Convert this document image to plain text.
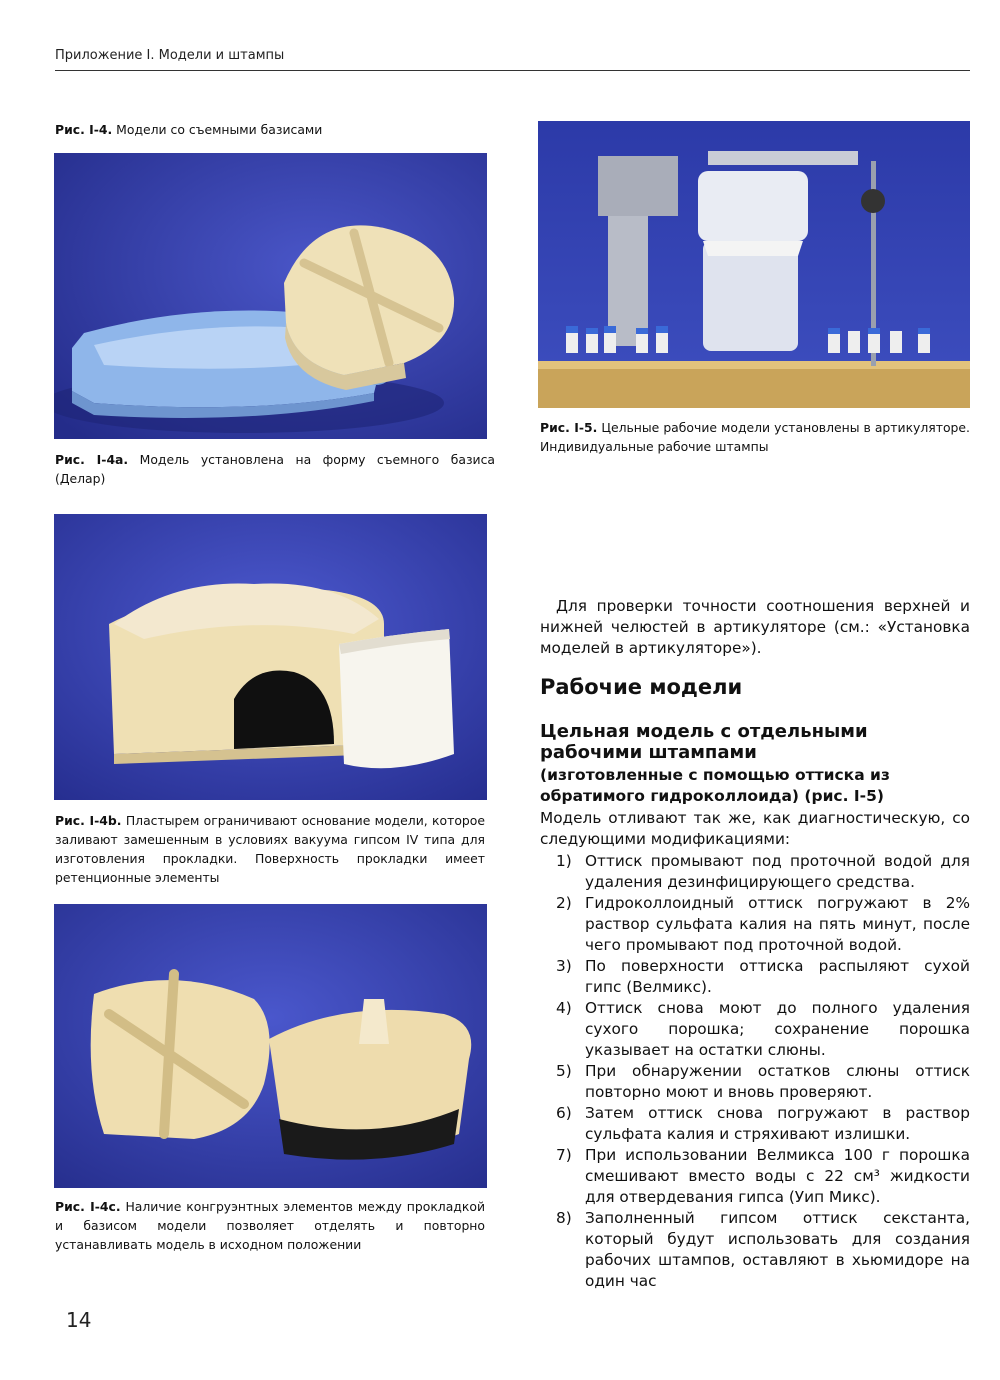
Приложение I. Модели и штампы
Рис. I-4. Модели со съемными базисами
Рис. I-4а. Модель установлена на форму съемного базиса (Делар)
Рис. I-5. Цельные рабочие модели установлены в артикуляторе. Индивидуальные рабочие штампы
Рис. I-4b. Пластырем ограничивают основание модели, которое заливают замешенным в условиях вакуума гипсом IV типа для изготовления прокладки. Поверхность прокладки имеет ретенционные элементы
Рис. I-4с. Наличие конгруэнтных элементов между прокладкой и базисом модели позволяет отделять и повторно устанавливать модель в исходном положении

Для проверки точности соотношения верхней и нижней челюстей в артикуляторе (см.: «Установка моделей в артикуляторе»).

Рабочие модели
Цельная модель с отдельными рабочими штампами
(изготовленные с помощью оттиска из обратимого гидроколлоида) (рис. I-5)

Модель отливают так же, как диагностическую, со следующими модификациями:

1) Оттиск промывают под проточной водой для удаления дезинфицирующего средства.
2) Гидроколлоидный оттиск погружают в 2% раствор сульфата калия на пять минут, после чего промывают под проточной водой.
3) По поверхности оттиска распыляют сухой гипс (Велмикс).
4) Оттиск снова моют до полного удаления сухого порошка; сохранение порошка указывает на остатки слюны.
5) При обнаружении остатков слюны оттиск повторно моют и вновь проверяют.
6) Затем оттиск снова погружают в раствор сульфата калия и стряхивают излишки.
7) При использовании Велмикса 100 г порошка смешивают вместо воды с 22 см³ жидкости для отвердевания гипса (Уип Микс).
8) Заполненный гипсом оттиск секстанта, который будут использовать для создания рабочих штампов, оставляют в хьюмидоре на один час
14
